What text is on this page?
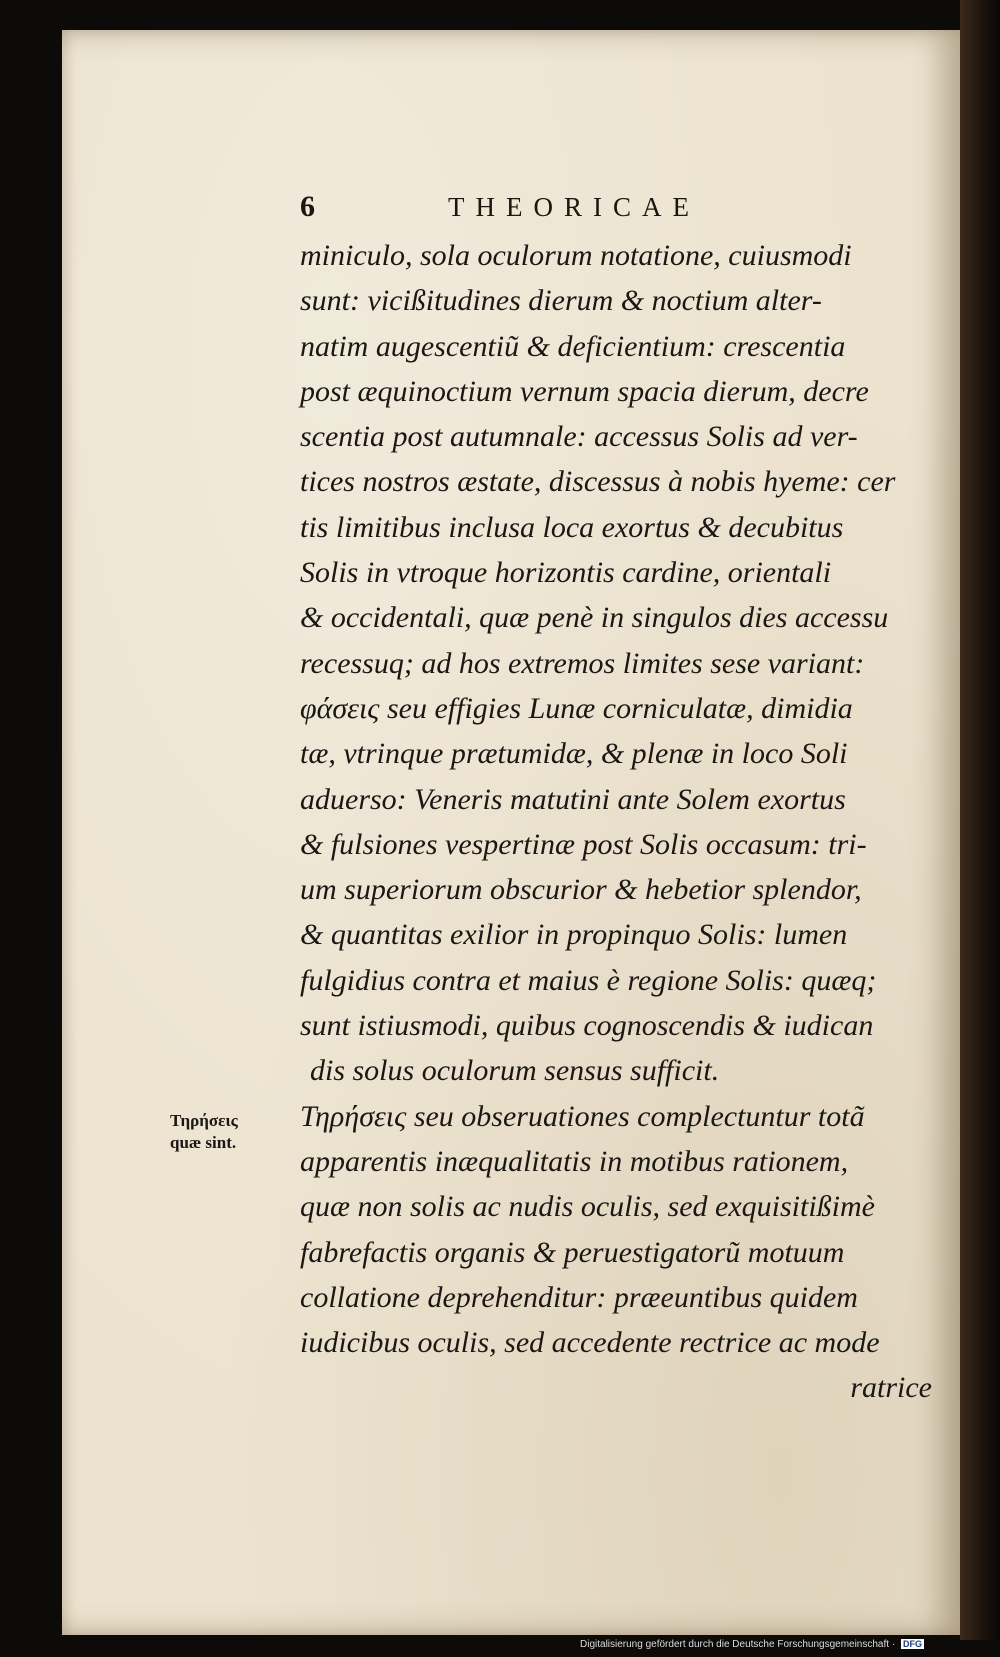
6	THEORICAE
Τηρήσεις
quæ sint.
miniculo, sola oculorum notatione, cuiusmodi
sunt: vicißitudines dierum & noctium alter-
natim augescentiũ & deficientium: crescentia
post æquinoctium vernum spacia dierum, decre
scentia post autumnale: accessus Solis ad ver-
tices nostros æstate, discessus à nobis hyeme: cer
tis limitibus inclusa loca exortus & decubitus
Solis in vtroque horizontis cardine, orientali
& occidentali, quæ penè in singulos dies accessu
recessuq; ad hos extremos limites sese variant:
φάσεις seu effigies Lunæ corniculatæ, dimidia
tæ, vtrinque prætumidæ, & plenæ in loco Soli
aduerso: Veneris matutini ante Solem exortus
& fulsiones vespertinæ post Solis occasum: tri-
um superiorum obscurior & hebetior splendor,
& quantitas exilior in propinquo Solis: lumen
fulgidius contra et maius è regione Solis: quæq;
sunt istiusmodi, quibus cognoscendis & iudican
dis solus oculorum sensus sufficit.
Τηρήσεις seu obseruationes complectuntur totã
apparentis inæqualitatis in motibus rationem,
quæ non solis ac nudis oculis, sed exquisitißimè
fabrefactis organis & peruestigatorũ motuum
collatione deprehenditur: præeuntibus quidem
iudicibus oculis, sed accedente rectrice ac mode
ratrice
Digitalisierung gefördert durch die Deutsche Forschungsgemeinschaft · DFG
